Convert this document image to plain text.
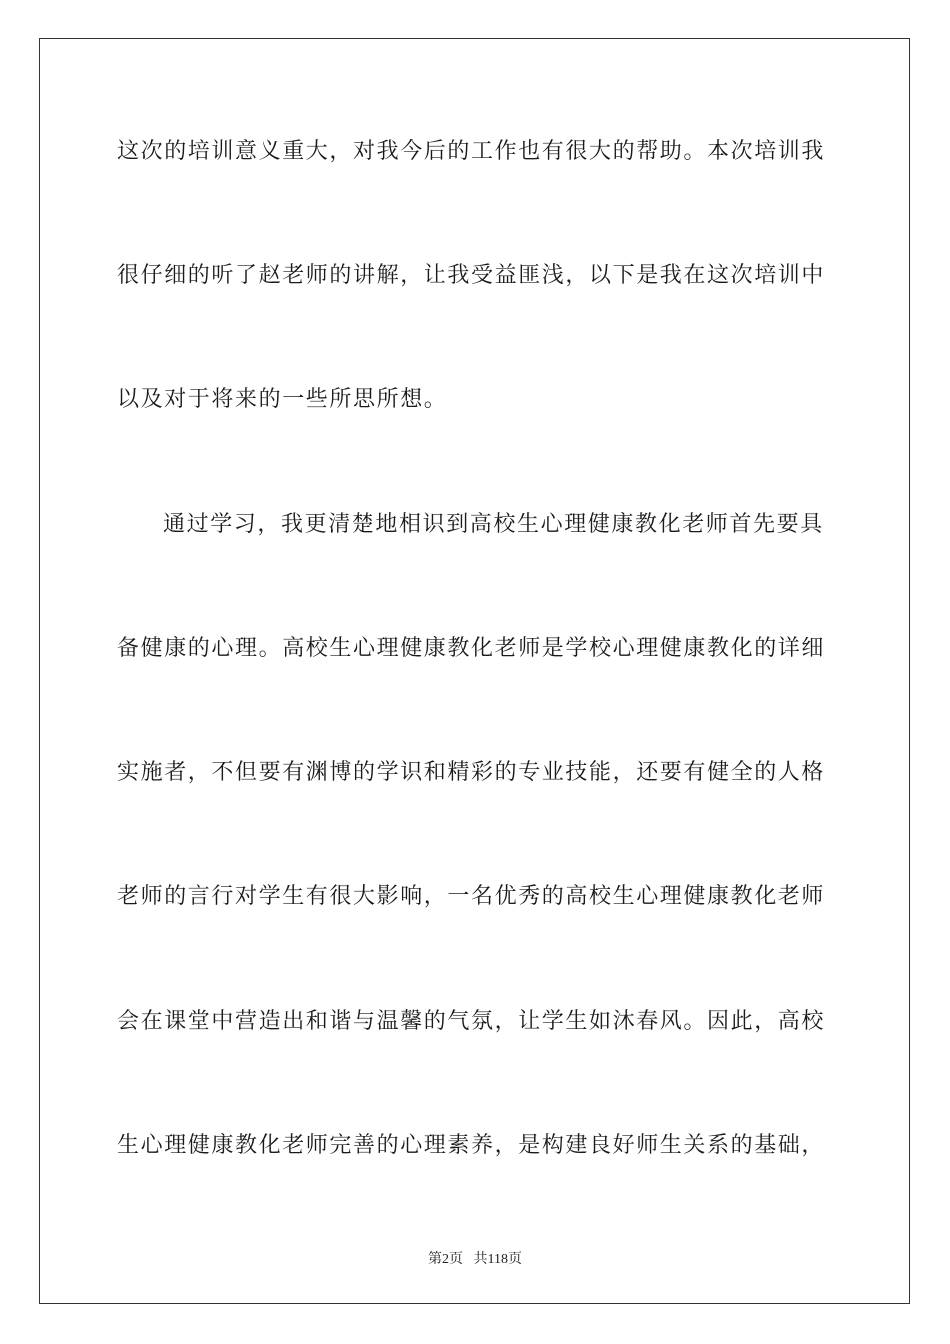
这次的培训意义重大，对我今后的工作也有很大的帮助。本次培训我
很仔细的听了赵老师的讲解，让我受益匪浅，以下是我在这次培训中
以及对于将来的一些所思所想。
通过学习，我更清楚地相识到高校生心理健康教化老师首先要具
备健康的心理。高校生心理健康教化老师是学校心理健康教化的详细
实施者，不但要有渊博的学识和精彩的专业技能，还要有健全的人格
老师的言行对学生有很大影响，一名优秀的高校生心理健康教化老师
会在课堂中营造出和谐与温馨的气氛，让学生如沐春风。因此，高校
生心理健康教化老师完善的心理素养，是构建良好师生关系的基础，
第2页 共118页
